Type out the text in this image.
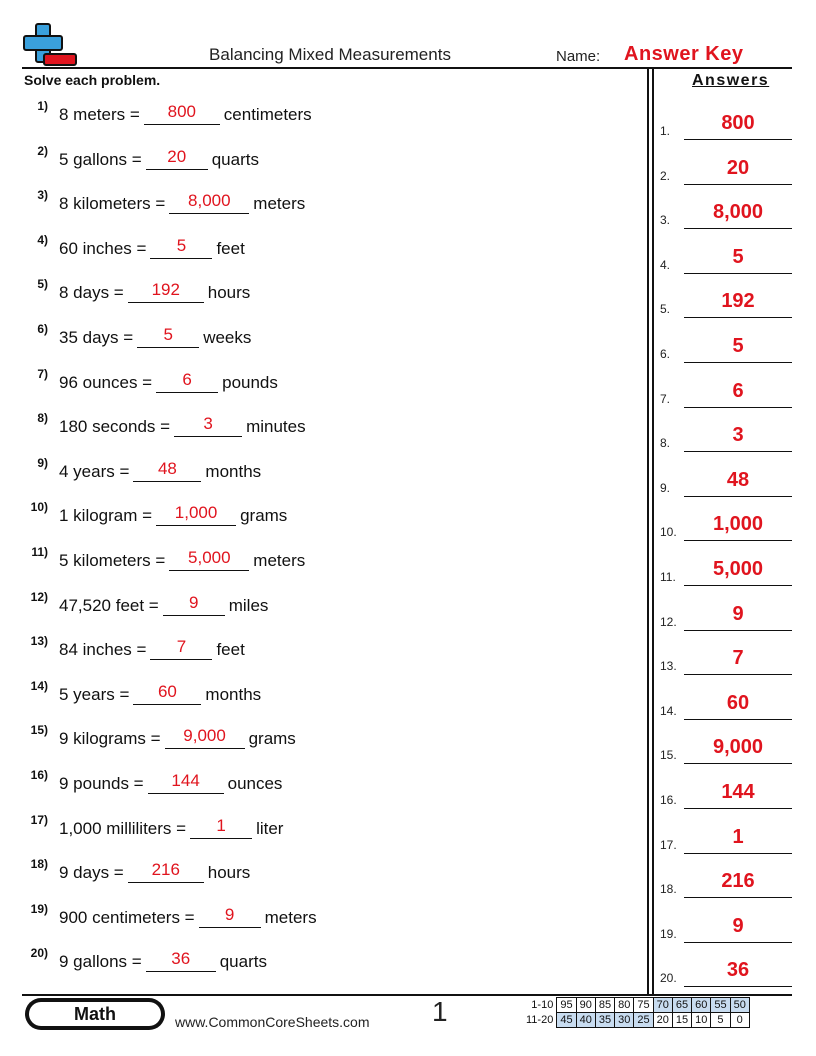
Balancing Mixed Measurements	Name: Answer Key
Solve each problem.	Answers
1) 8 meters =	800	centimeters
2) 5 gallons =	20	quarts
3) 8 kilometers =	8,000	meters
4) 60 inches =	5	feet
5) 8 days =	192	hours
6) 35 days =	5	weeks
7) 96 ounces =	6	pounds
8) 180 seconds =	3	minutes
9) 4 years =	48	months
10) 1 kilogram =	1,000	grams
11) 5 kilometers =	5,000	meters
12) 47,520 feet =	9	miles
13) 84 inches =	7	feet
14) 5 years =	60	months
15) 9 kilograms =	9,000	grams
16) 9 pounds =	144	ounces
17) 1,000 milliliters =	1	liter
18) 9 days =	216	hours
19) 900 centimeters =	9	meters
20) 9 gallons =	36	quarts
1.	800
2.	20
3.	8,000
4.	5
5.	192
6.	5
7.	6
8.	3
9.	48
10.	1,000
11.	5,000
12.	9
13.	7
14.	60
15.	9,000
16.	144
17.	1
18.	216
19.	9
20.	36
Math	www.CommonCoreSheets.com 1	1-10	95	90	85	80	75	70	65	60	55	50
11-20	45	40	35	30	25	20	15	10	5	0
